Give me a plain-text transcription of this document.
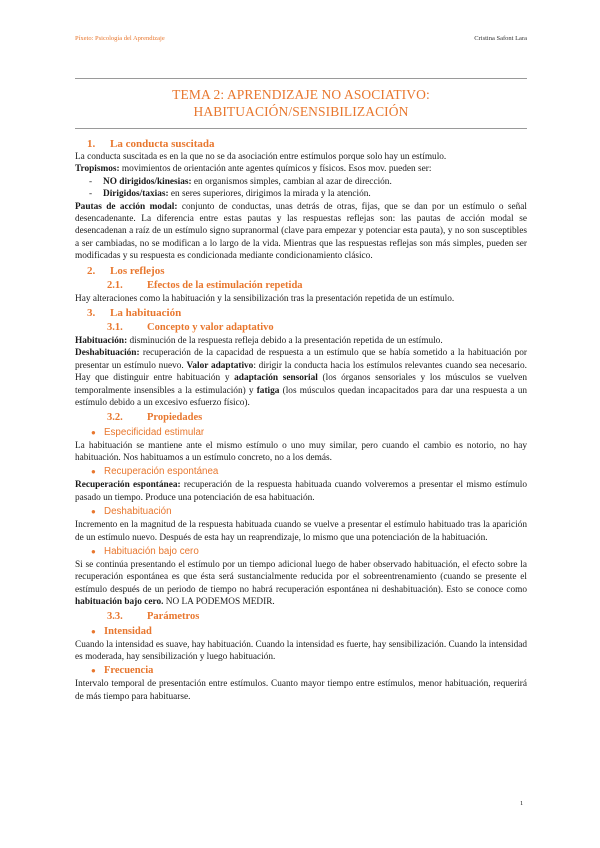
Píxeto: Psicología del Aprendizaje	Cristina Safont Lara
TEMA 2: APRENDIZAJE NO ASOCIATIVO:
HABITUACIÓN/SENSIBILIZACIÓN
1. La conducta suscitada

La conducta suscitada es en la que no se da asociación entre estímulos porque solo hay un estímulo.

Tropismos: movimientos de orientación ante agentes químicos y físicos. Esos mov. pueden ser:

-	NO dirigidos/kinesias: en organismos simples, cambian al azar de dirección.
-	Dirigidos/taxias: en seres superiores, dirigimos la mirada y la atención.

Pautas de acción modal: conjunto de conductas, unas detrás de otras, fijas, que se dan por un estímulo o señal desencadenante. La diferencia entre estas pautas y las respuestas reflejas son: las pautas de acción modal se desencadenan a raíz de un estímulo signo supranormal (clave para empezar y potenciar esta pauta), y no son susceptibles a ser cambiadas, no se modifican a lo largo de la vida. Mientras que las respuestas reflejas son más simples, pueden ser modificadas y su respuesta es condicionada mediante condicionamiento clásico.

2. Los reflejos
2.1. Efectos de la estimulación repetida

Hay alteraciones como la habituación y la sensibilización tras la presentación repetida de un estímulo.

3. La habituación
3.1. Concepto y valor adaptativo

Habituación: disminución de la respuesta refleja debido a la presentación repetida de un estímulo.

Deshabituación: recuperación de la capacidad de respuesta a un estímulo que se había sometido a la habituación por presentar un estímulo nuevo. Valor adaptativo: dirigir la conducta hacia los estímulos relevantes cuando sea necesario. Hay que distinguir entre habituación y adaptación sensorial (los órganos sensoriales y los músculos se vuelven temporalmente insensibles a la estimulación) y fatiga (los músculos quedan incapacitados para dar una respuesta a un estímulo debido a un excesivo esfuerzo físico).

3.2. Propiedades
● Especificidad estimular

La habituación se mantiene ante el mismo estímulo o uno muy similar, pero cuando el cambio es notorio, no hay habituación. Nos habituamos a un estímulo concreto, no a los demás.

● Recuperación espontánea

Recuperación espontánea: recuperación de la respuesta habituada cuando volveremos a presentar el mismo estímulo pasado un tiempo. Produce una potenciación de esa habituación.

● Deshabituación

Incremento en la magnitud de la respuesta habituada cuando se vuelve a presentar el estímulo habituado tras la aparición de un estímulo nuevo. Después de esta hay un reaprendizaje, lo mismo que una potenciación de la habituación.

● Habituación bajo cero

Si se continúa presentando el estímulo por un tiempo adicional luego de haber observado habituación, el efecto sobre la recuperación espontánea es que ésta será sustancialmente reducida por el sobreentrenamiento (cuando se presente el estímulo después de un periodo de tiempo no habrá recuperación espontánea ni deshabituación). Esto se conoce como habituación bajo cero. NO LA PODEMOS MEDIR.

3.3. Parámetros
● Intensidad

Cuando la intensidad es suave, hay habituación. Cuando la intensidad es fuerte, hay sensibilización. Cuando la intensidad es moderada, hay sensibilización y luego habituación.

● Frecuencia

Intervalo temporal de presentación entre estímulos. Cuanto mayor tiempo entre estímulos, menor habituación, requerirá de más tiempo para habituarse.

1
